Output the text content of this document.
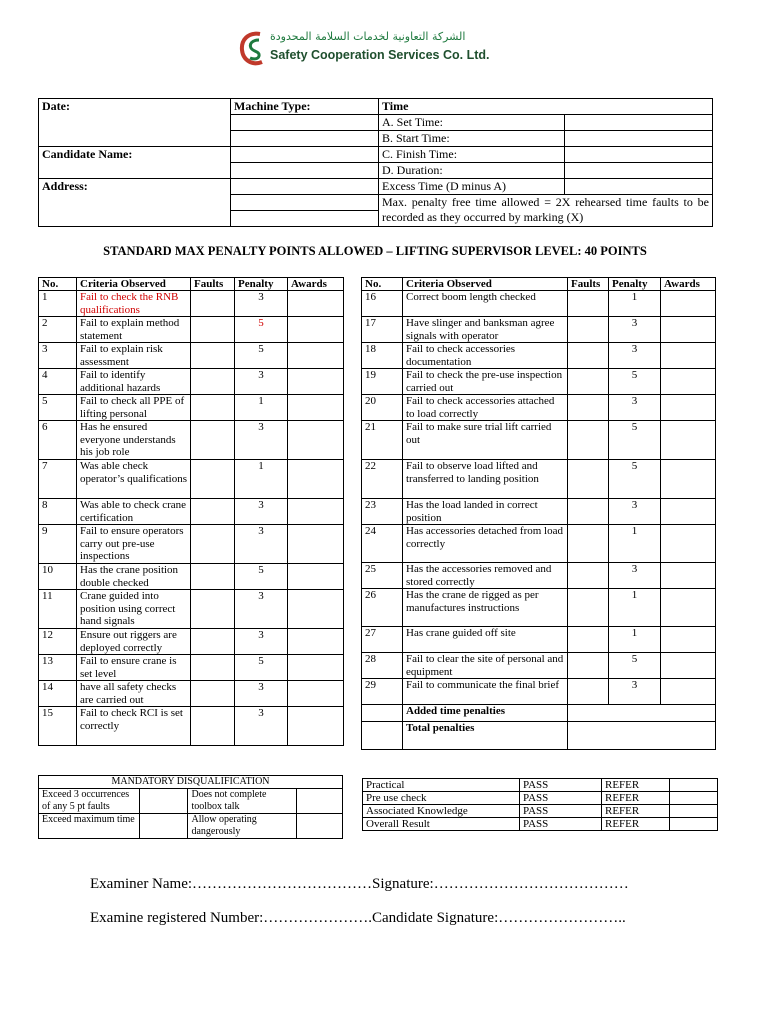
الشركة التعاونية لخدمات السلامة المحدودة
Safety Cooperation Services Co. Ltd.
Date:	Machine Type:	Time	
		A. Set Time:	
		B. Start Time:	
Candidate Name:		C. Finish Time:	
		D. Duration:	
Address:		Excess Time (D minus A)	
		Max. penalty free time allowed = 2X rehearsed time faults to be recorded as they occurred by marking (X)	

STANDARD MAX PENALTY POINTS ALLOWED – LIFTING SUPERVISOR LEVEL: 40 POINTS
No.	Criteria Observed	Faults	Penalty	Awards
1	Fail to check the RNB qualifications		3	
2	Fail to explain method statement		5	
3	Fail to explain risk assessment		5	
4	Fail to identify additional hazards		3	
5	Fail to check all PPE of lifting personal		1	
6	Has he ensured everyone understands his job role		3	
7	Was able check operator’s qualifications		1	
8	Was able to check crane certification		3	
9	Fail to ensure operators carry out pre-use inspections		3	
10	Has the crane position double checked		5	
11	Crane guided into position using correct hand signals		3	
12	Ensure out riggers are deployed correctly		3	
13	Fail to ensure crane is set level		5	
14	have all safety checks are carried out		3	
15	Fail to check RCI is set correctly		3	
No.	Criteria Observed	Faults	Penalty	Awards
16	Correct boom length checked		1	
17	Have slinger and banksman agree signals with operator		3	
18	Fail to check accessories documentation		3	
19	Fail to check the pre-use inspection carried out		5	
20	Fail to check accessories attached to load correctly		3	
21	Fail to make sure trial lift carried out		5	
22	Fail to observe load lifted and transferred to landing position		5	
23	Has the load landed in correct position		3	
24	Has accessories detached from load correctly		1	
25	Has the accessories removed and stored correctly		3	
26	Has the crane de rigged as per manufactures instructions		1	
27	Has crane guided off site		1	
28	Fail to clear the site of personal and equipment		5	
29	Fail to communicate the final brief		3	
	Added time penalties			
	Total penalties			
MANDATORY DISQUALIFICATION			
Exceed 3 occurrences of any 5 pt faults		Does not complete toolbox talk	
Exceed maximum time		Allow operating dangerously	
Practical	PASS	REFER	
Pre use check	PASS	REFER	
Associated Knowledge	PASS	REFER	
Overall Result	PASS	REFER	
Examiner Name:………………………………Signature:…………………………………
Examine registered Number:………………….Candidate Signature:……………………..
